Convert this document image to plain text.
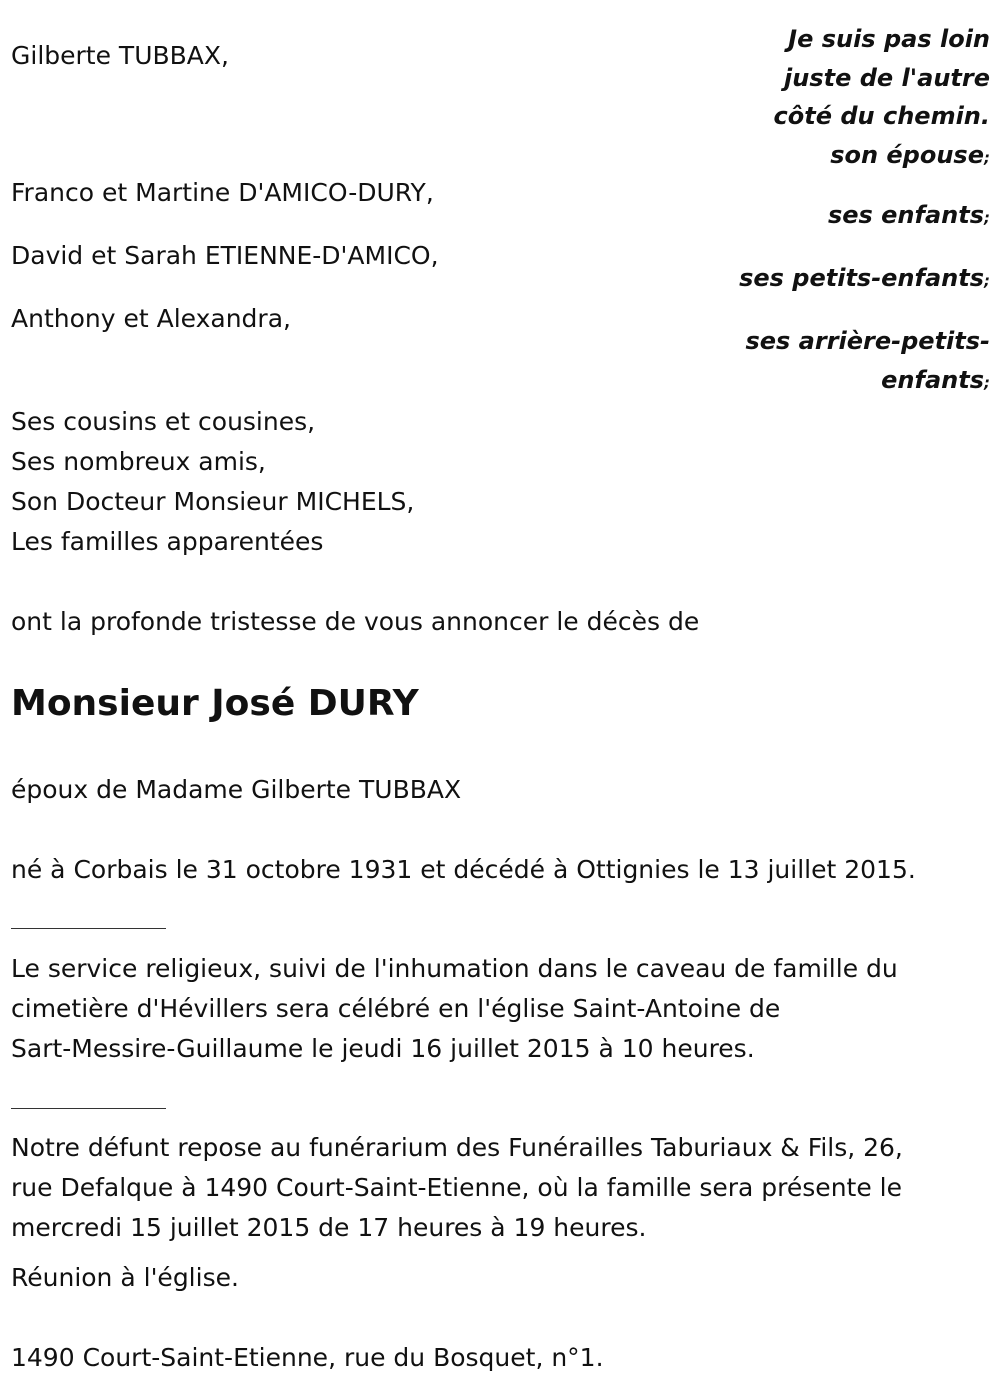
Gilberte TUBBAX,
Franco et Martine D'AMICO-DURY,
David et Sarah ETIENNE-D'AMICO,
Anthony et Alexandra,
Je suis pas loin
juste de l'autre
côté du chemin.
son épouse;
ses enfants;
ses petits-enfants;
ses arrière-petits-
enfants;
Ses cousins et cousines,
Ses nombreux amis,
Son Docteur Monsieur MICHELS,
Les familles apparentées
ont la profonde tristesse de vous annoncer le décès de
Monsieur José DURY
époux de Madame Gilberte TUBBAX
né à Corbais le 31 octobre 1931 et décédé à Ottignies le 13 juillet 2015.
Le service religieux, suivi de l'inhumation dans le caveau de famille du
cimetière d'Hévillers sera célébré en l'église Saint-Antoine de
Sart-Messire-Guillaume le jeudi 16 juillet 2015 à 10 heures.
Notre défunt repose au funérarium des Funérailles Taburiaux & Fils, 26,
rue Defalque à 1490 Court-Saint-Etienne, où la famille sera présente le
mercredi 15 juillet 2015 de 17 heures à 19 heures.
Réunion à l'église.
1490 Court-Saint-Etienne, rue du Bosquet, n°1.
